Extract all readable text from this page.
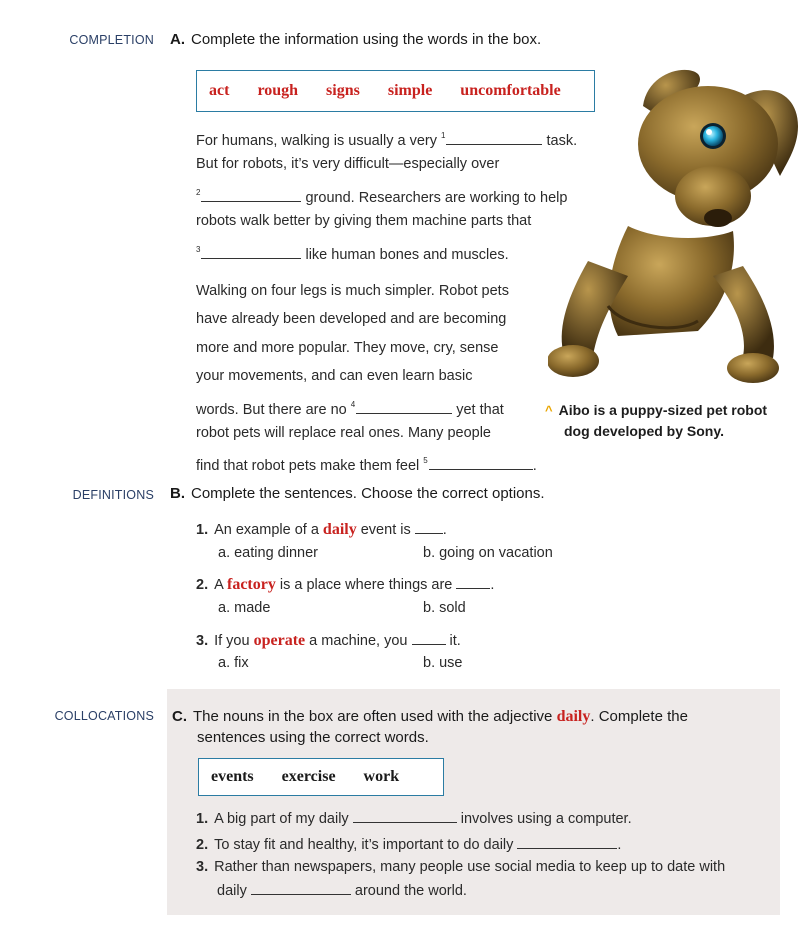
COMPLETION A. Complete the information using the words in the box.
act rough signs simple uncomfortable
For humans, walking is usually a very $^1$	task.
But for robots, it’s very difficult—especially over
$^2$	ground. Researchers are working to help
robots walk better by giving them machine parts that
$^3$	like human bones and muscles.
Walking on four legs is much simpler. Robot pets
have already been developed and are becoming
more and more popular. They move, cry, sense
your movements, and can even learn basic
words. But there are no $^4$	yet that
robot pets will replace real ones. Many people
find that robot pets make them feel $^5$	.
^ Aibo is a puppy-sized pet robot
dog developed by Sony.
DEFINITIONS B. Complete the sentences. Choose the correct options.
1. An example of a daily event is .
a. eating dinner	b. going on vacation
2. A factory is a place where things are .
a. made	b. sold
3. If you operate a machine, you  it.
a. fix	b. use
COLLOCATIONS C. The nouns in the box are often used with the adjective daily. Complete the
sentences using the correct words.
events exercise work
1. A big part of my daily	involves using a computer.
2. To stay fit and healthy, it’s important to do daily	.
3. Rather than newspapers, many people use social media to keep up to date with
daily	around the world.
